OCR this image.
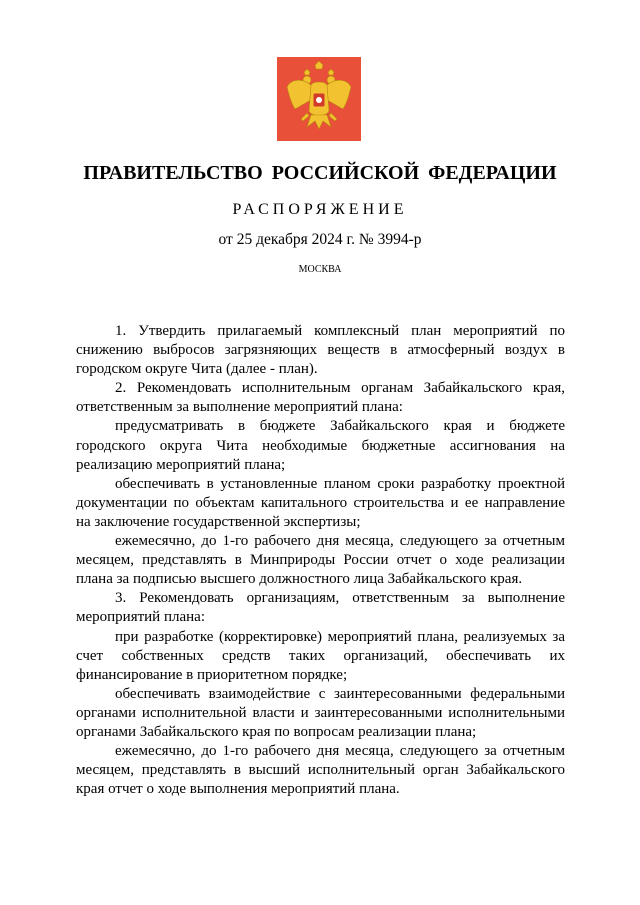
ПРАВИТЕЛЬСТВО РОССИЙСКОЙ ФЕДЕРАЦИИ
РАСПОРЯЖЕНИЕ
от 25 декабря 2024 г. № 3994-р
МОСКВА

1. Утвердить прилагаемый комплексный план мероприятий по снижению выбросов загрязняющих веществ в атмосферный воздух в городском округе Чита (далее - план).

2. Рекомендовать исполнительным органам Забайкальского края, ответственным за выполнение мероприятий плана:

предусматривать в бюджете Забайкальского края и бюджете городского округа Чита необходимые бюджетные ассигнования на реализацию мероприятий плана;

обеспечивать в установленные планом сроки разработку проектной документации по объектам капитального строительства и ее направление на заключение государственной экспертизы;

ежемесячно, до 1-го рабочего дня месяца, следующего за отчетным месяцем, представлять в Минприроды России отчет о ходе реализации плана за подписью высшего должностного лица Забайкальского края.

3. Рекомендовать организациям, ответственным за выполнение мероприятий плана:

при разработке (корректировке) мероприятий плана, реализуемых за счет собственных средств таких организаций, обеспечивать их финансирование в приоритетном порядке;

обеспечивать взаимодействие с заинтересованными федеральными органами исполнительной власти и заинтересованными исполнительными органами Забайкальского края по вопросам реализации плана;

ежемесячно, до 1-го рабочего дня месяца, следующего за отчетным месяцем, представлять в высший исполнительный орган Забайкальского края отчет о ходе выполнения мероприятий плана.
